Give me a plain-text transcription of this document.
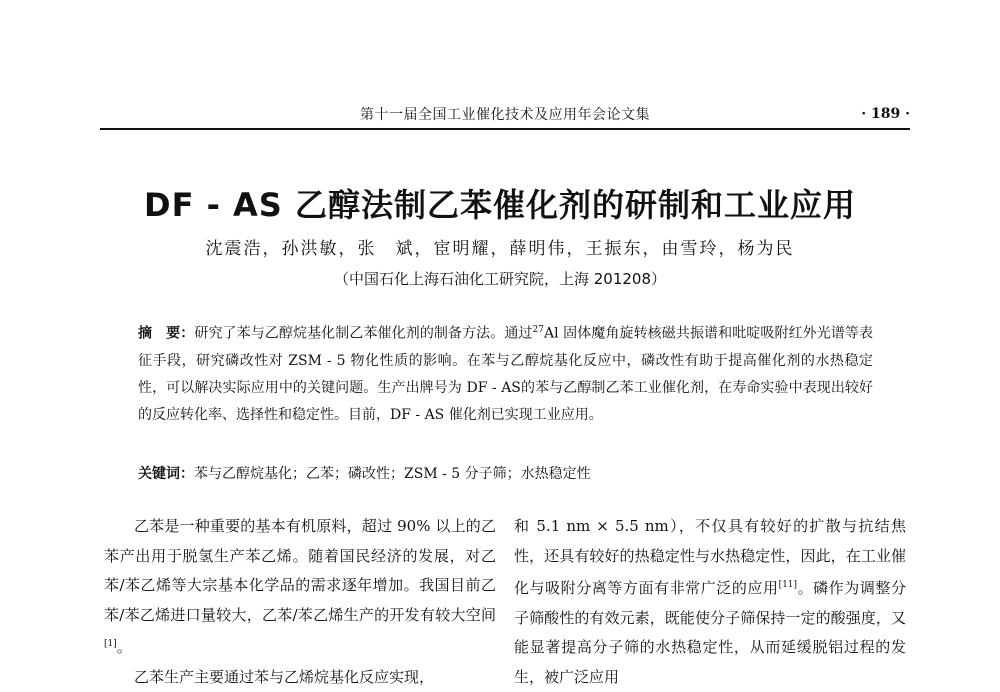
第十一届全国工业催化技术及应用年会论文集	· 189 ·
DF - AS 乙醇法制乙苯催化剂的研制和工业应用
沈震浩，孙洪敏，张　斌，宦明耀，薛明伟，王振东，由雪玲，杨为民
（中国石化上海石油化工研究院，上海 201208）
摘　要：研究了苯与乙醇烷基化制乙苯催化剂的制备方法。通过$^{27}$Al 固体魔角旋转核磁共振谱和吡啶吸附红外光谱等表征手段，研究磷改性对 ZSM - 5 物化性质的影响。在苯与乙醇烷基化反应中，磷改性有助于提高催化剂的水热稳定性，可以解决实际应用中的关键问题。生产出牌号为 DF - AS的苯与乙醇制乙苯工业催化剂，在寿命实验中表现出较好的反应转化率、选择性和稳定性。目前，DF - AS 催化剂已实现工业应用。
关键词：苯与乙醇烷基化；乙苯；磷改性；ZSM - 5 分子筛；水热稳定性

乙苯是一种重要的基本有机原料，超过 90% 以上的乙苯产出用于脱氢生产苯乙烯。随着国民经济的发展，对乙苯/苯乙烯等大宗基本化学品的需求逐年增加。我国目前乙苯/苯乙烯进口量较大，乙苯/苯乙烯生产的开发有较大空间[1]。

乙苯生产主要通过苯与乙烯烷基化反应实现，

和 5.1 nm × 5.5 nm），不仅具有较好的扩散与抗结焦性，还具有较好的热稳定性与水热稳定性，因此，在工业催化与吸附分离等方面有非常广泛的应用[11]。磷作为调整分子筛酸性的有效元素，既能使分子筛保持一定的酸强度，又能显著提高分子筛的水热稳定性，从而延缓脱铝过程的发生，被广泛应用
